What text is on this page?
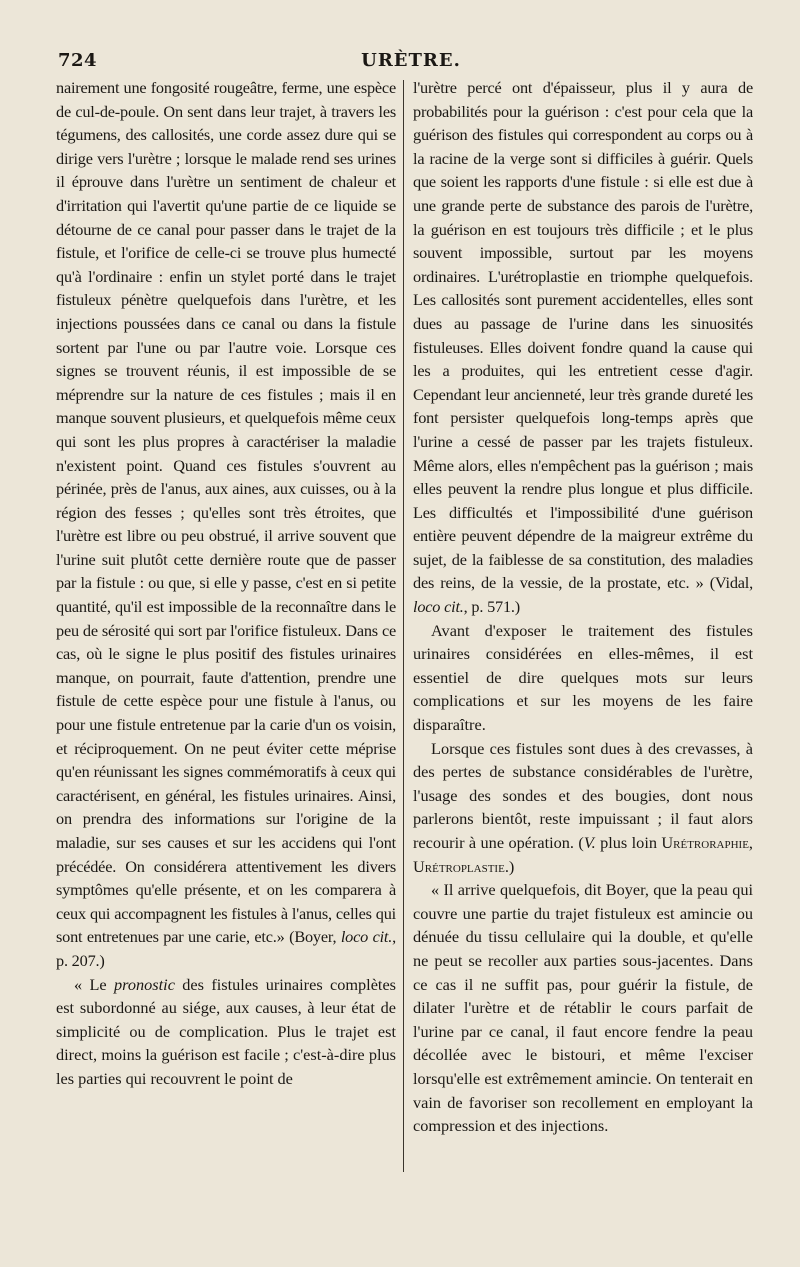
724	URÈTRE.

nairement une fongosité rougeâtre, ferme, une espèce de cul-de-poule. On sent dans leur trajet, à travers les tégumens, des callosités, une corde assez dure qui se dirige vers l'urètre ; lorsque le malade rend ses urines il éprouve dans l'urètre un sentiment de chaleur et d'irritation qui l'avertit qu'une partie de ce liquide se détourne de ce canal pour passer dans le trajet de la fistule, et l'orifice de celle-ci se trouve plus humecté qu'à l'ordinaire : enfin un stylet porté dans le trajet fistuleux pénètre quelquefois dans l'urètre, et les injections poussées dans ce canal ou dans la fistule sortent par l'une ou par l'autre voie. Lorsque ces signes se trouvent réunis, il est impossible de se méprendre sur la nature de ces fistules ; mais il en manque souvent plusieurs, et quelquefois même ceux qui sont les plus propres à caractériser la maladie n'existent point. Quand ces fistules s'ouvrent au périnée, près de l'anus, aux aines, aux cuisses, ou à la région des fesses ; qu'elles sont très étroites, que l'urètre est libre ou peu obstrué, il arrive souvent que l'urine suit plutôt cette dernière route que de passer par la fistule : ou que, si elle y passe, c'est en si petite quantité, qu'il est impossible de la reconnaître dans le peu de sérosité qui sort par l'orifice fistuleux. Dans ce cas, où le signe le plus positif des fistules urinaires manque, on pourrait, faute d'attention, prendre une fistule de cette espèce pour une fistule à l'anus, ou pour une fistule entretenue par la carie d'un os voisin, et réciproquement. On ne peut éviter cette méprise qu'en réunissant les signes commémoratifs à ceux qui caractérisent, en général, les fistules urinaires. Ainsi, on prendra des informations sur l'origine de la maladie, sur ses causes et sur les accidens qui l'ont précédée. On considérera attentivement les divers symptômes qu'elle présente, et on les comparera à ceux qui accompagnent les fistules à l'anus, celles qui sont entretenues par une carie, etc.» (Boyer, loco cit., p. 207.)

« Le pronostic des fistules urinaires complètes est subordonné au siége, aux causes, à leur état de simplicité ou de complication. Plus le trajet est direct, moins la guérison est facile ; c'est-à-dire plus les parties qui recouvrent le point de

l'urètre percé ont d'épaisseur, plus il y aura de probabilités pour la guérison : c'est pour cela que la guérison des fistules qui correspondent au corps ou à la racine de la verge sont si difficiles à guérir. Quels que soient les rapports d'une fistule : si elle est due à une grande perte de substance des parois de l'urètre, la guérison en est toujours très difficile ; et le plus souvent impossible, surtout par les moyens ordinaires. L'urétroplastie en triomphe quelquefois. Les callosités sont purement accidentelles, elles sont dues au passage de l'urine dans les sinuosités fistuleuses. Elles doivent fondre quand la cause qui les a produites, qui les entretient cesse d'agir. Cependant leur ancienneté, leur très grande dureté les font persister quelquefois long-temps après que l'urine a cessé de passer par les trajets fistuleux. Même alors, elles n'empêchent pas la guérison ; mais elles peuvent la rendre plus longue et plus difficile. Les difficultés et l'impossibilité d'une guérison entière peuvent dépendre de la maigreur extrême du sujet, de la faiblesse de sa constitution, des maladies des reins, de la vessie, de la prostate, etc. » (Vidal, loco cit., p. 571.)

Avant d'exposer le traitement des fistules urinaires considérées en elles-mêmes, il est essentiel de dire quelques mots sur leurs complications et sur les moyens de les faire disparaître.

Lorsque ces fistules sont dues à des crevasses, à des pertes de substance considérables de l'urètre, l'usage des sondes et des bougies, dont nous parlerons bientôt, reste impuissant ; il faut alors recourir à une opération. (V. plus loin Urétroraphie, Urétroplastie.)

« Il arrive quelquefois, dit Boyer, que la peau qui couvre une partie du trajet fistuleux est amincie ou dénuée du tissu cellulaire qui la double, et qu'elle ne peut se recoller aux parties sous-jacentes. Dans ce cas il ne suffit pas, pour guérir la fistule, de dilater l'urètre et de rétablir le cours parfait de l'urine par ce canal, il faut encore fendre la peau décollée avec le bistouri, et même l'exciser lorsqu'elle est extrêmement amincie. On tenterait en vain de favoriser son recollement en employant la compression et des injections.
